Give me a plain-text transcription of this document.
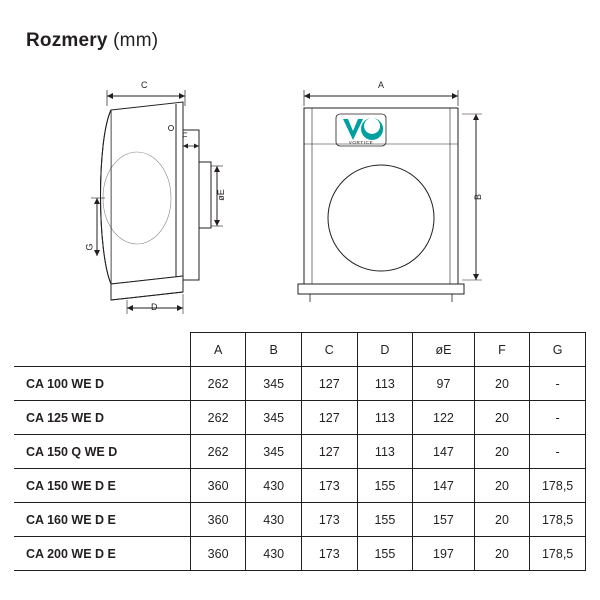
Rozmery (mm)
C
F
øE
G
D
VORTICE
A
B
	A	B	C	D	øE	F	G
CA 100 WE D	262	345	127	113	97	20	-
CA 125 WE D	262	345	127	113	122	20	-
CA 150 Q WE D	262	345	127	113	147	20	-
CA 150 WE D E	360	430	173	155	147	20	178,5
CA 160 WE D E	360	430	173	155	157	20	178,5
CA 200 WE D E	360	430	173	155	197	20	178,5
